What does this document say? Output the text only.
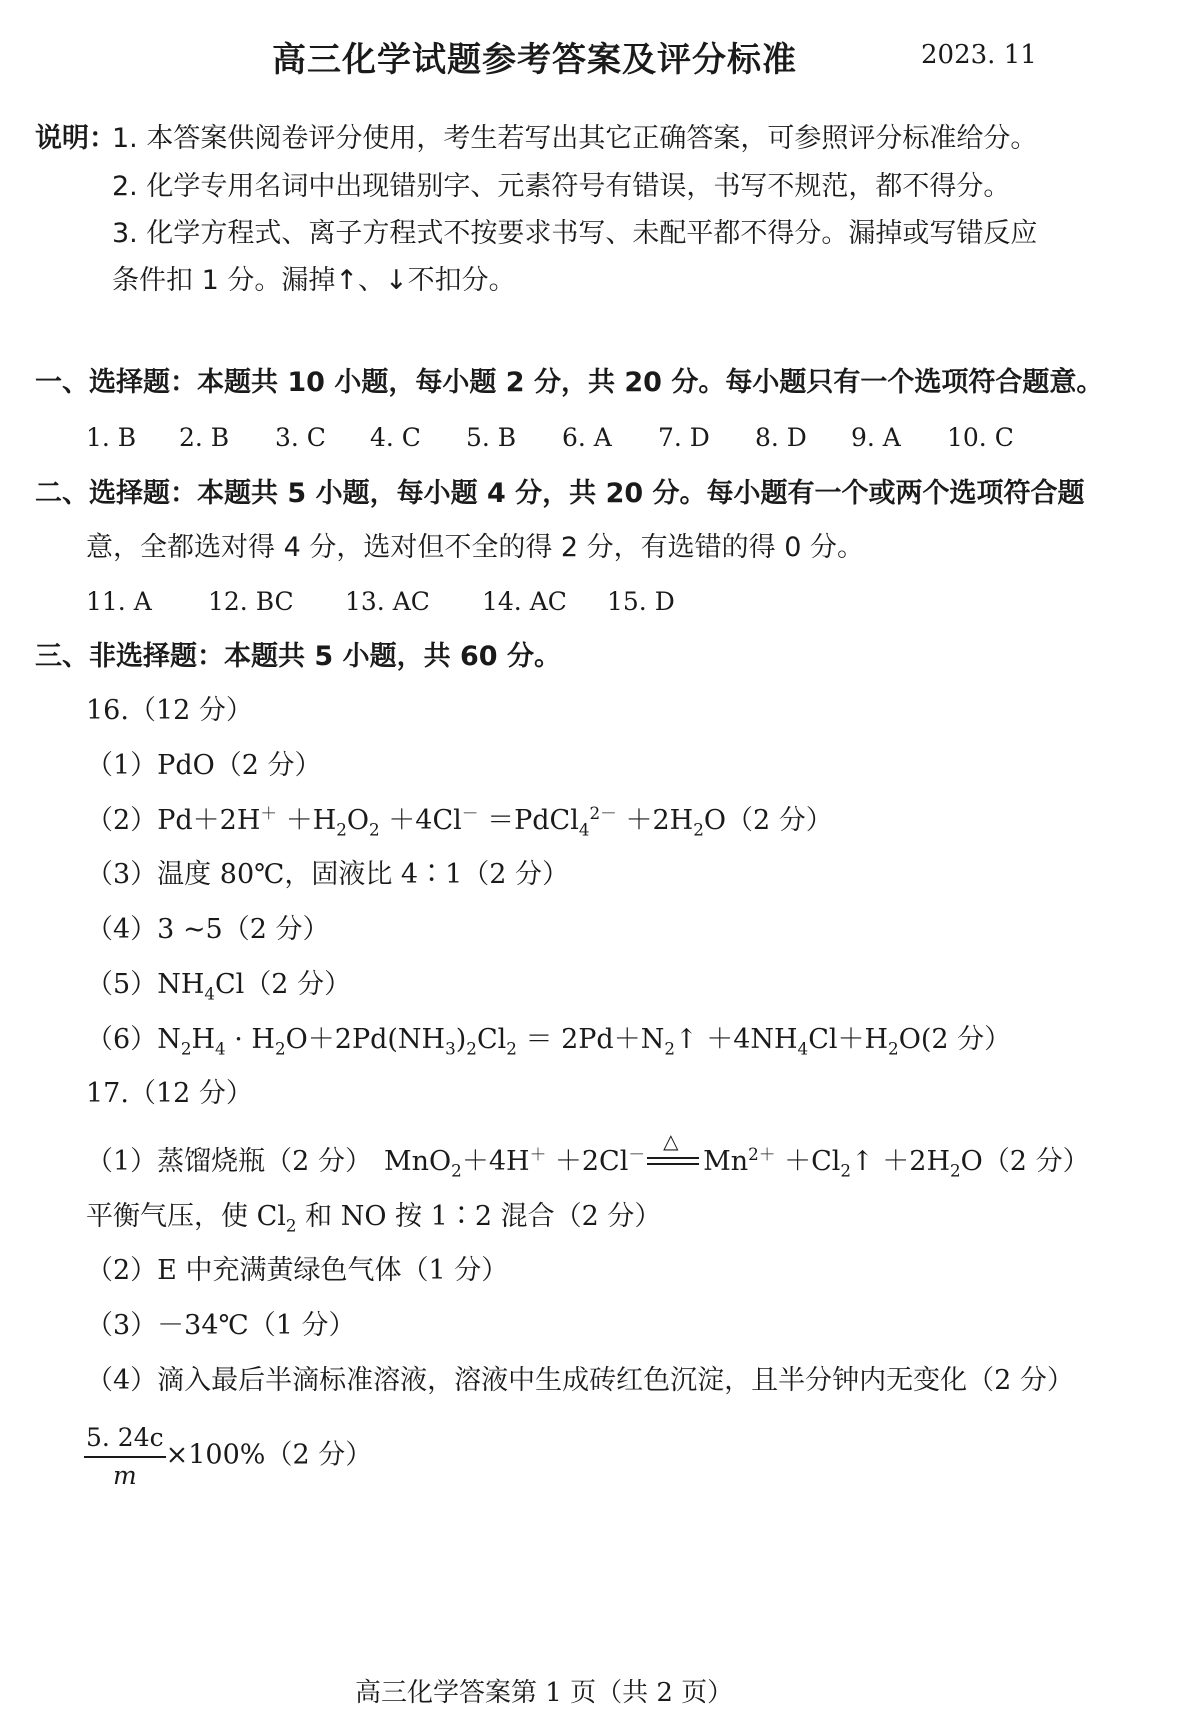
高三化学试题参考答案及评分标准	2023. 11
说明：
1. 本答案供阅卷评分使用，考生若写出其它正确答案，可参照评分标准给分。
2. 化学专用名词中出现错别字、元素符号有错误，书写不规范，都不得分。
3. 化学方程式、离子方程式不按要求书写、未配平都不得分。漏掉或写错反应
条件扣 1 分。漏掉↑、↓不扣分。
一、选择题：本题共 10 小题，每小题 2 分，共 20 分。每小题只有一个选项符合题意。
1. B 2. B 3. C 4. C 5. B 6. A 7. D 8. D 9. A 10. C
二、选择题：本题共 5 小题，每小题 4 分，共 20 分。每小题有一个或两个选项符合题
意，全都选对得 4 分，选对但不全的得 2 分，有选错的得 0 分。
11. A 12. BC 13. AC 14. AC 15. D
三、非选择题：本题共 5 小题，共 60 分。
16.（12 分）
（1）PdO（2 分）
$(2)Pd+2H^+ +H_2O_2 +4Cl^-$ ＝PdCl$_4^{2-}$ $+2H_2O(2$ 分）
（3）温度 80℃，固液比 4∶1（2 分）
（4）3 ~5（2 分）
$(5)NH_4Cl(2$ 分）
$(6)N_2H_4 \cdot H_2O+2Pd(NH_3)_2Cl_2$ ＝ $2Pd+N_2↑ +4NH_4Cl+H_2O(2$ 分）
17.（12 分）
（1）蒸馏烧瓶（2 分） MnO$_2$＋4H＋ ＋2Cl－
△
$Mn^{2+}$ $+Cl_2↑ +2H_2O(2$ 分）
平衡气压，使 $Cl_2$ 和 NO 按 1∶2 混合（2 分）
（2）E 中充满黄绿色气体（1 分）
（3）－34℃（1 分）
（4）滴入最后半滴标准溶液，溶液中生成砖红色沉淀，且半分钟内无变化（2 分）
$\frac{5. 24c}{m} \times 100\%(2$ 分）
高三化学答案第 1 页（共 2 页）
